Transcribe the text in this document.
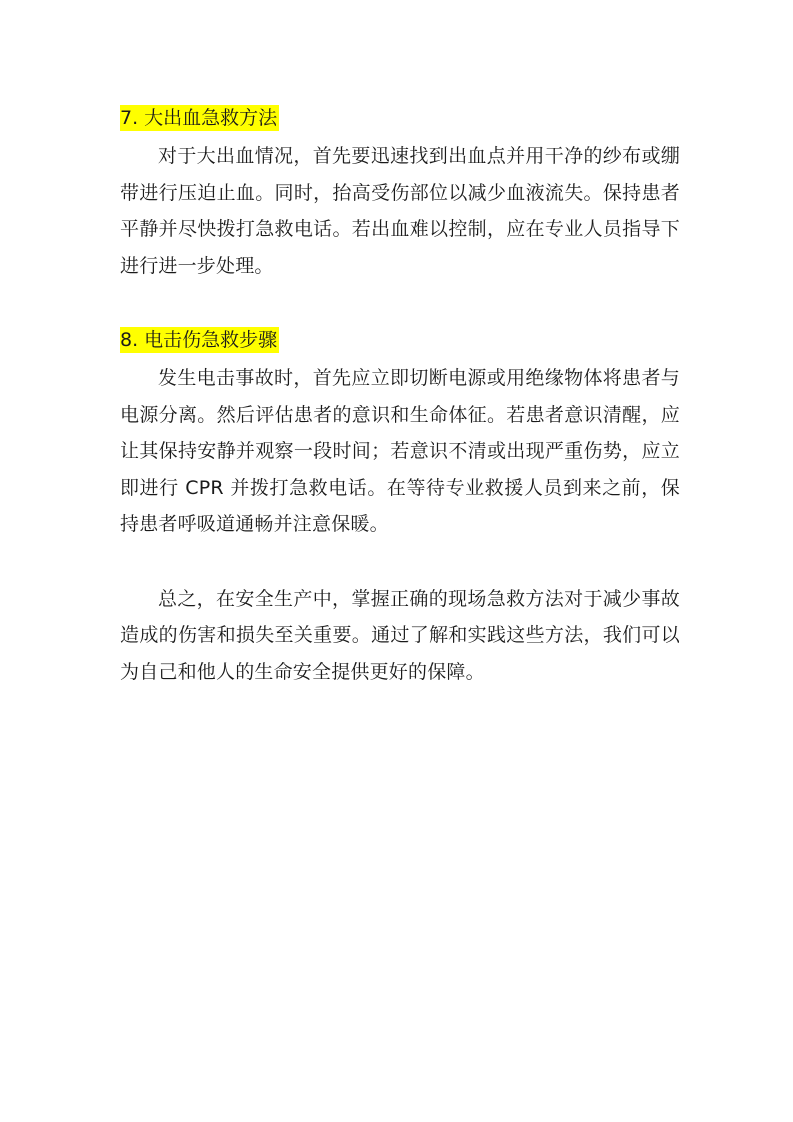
7. 大出血急救方法

对于大出血情况，首先要迅速找到出血点并用干净的纱布或绷带进行压迫止血。同时，抬高受伤部位以减少血液流失。保持患者平静并尽快拨打急救电话。若出血难以控制，应在专业人员指导下进行进一步处理。

8. 电击伤急救步骤

发生电击事故时，首先应立即切断电源或用绝缘物体将患者与电源分离。然后评估患者的意识和生命体征。若患者意识清醒，应让其保持安静并观察一段时间；若意识不清或出现严重伤势，应立即进行 CPR 并拨打急救电话。在等待专业救援人员到来之前，保持患者呼吸道通畅并注意保暖。

总之，在安全生产中，掌握正确的现场急救方法对于减少事故造成的伤害和损失至关重要。通过了解和实践这些方法，我们可以为自己和他人的生命安全提供更好的保障。
